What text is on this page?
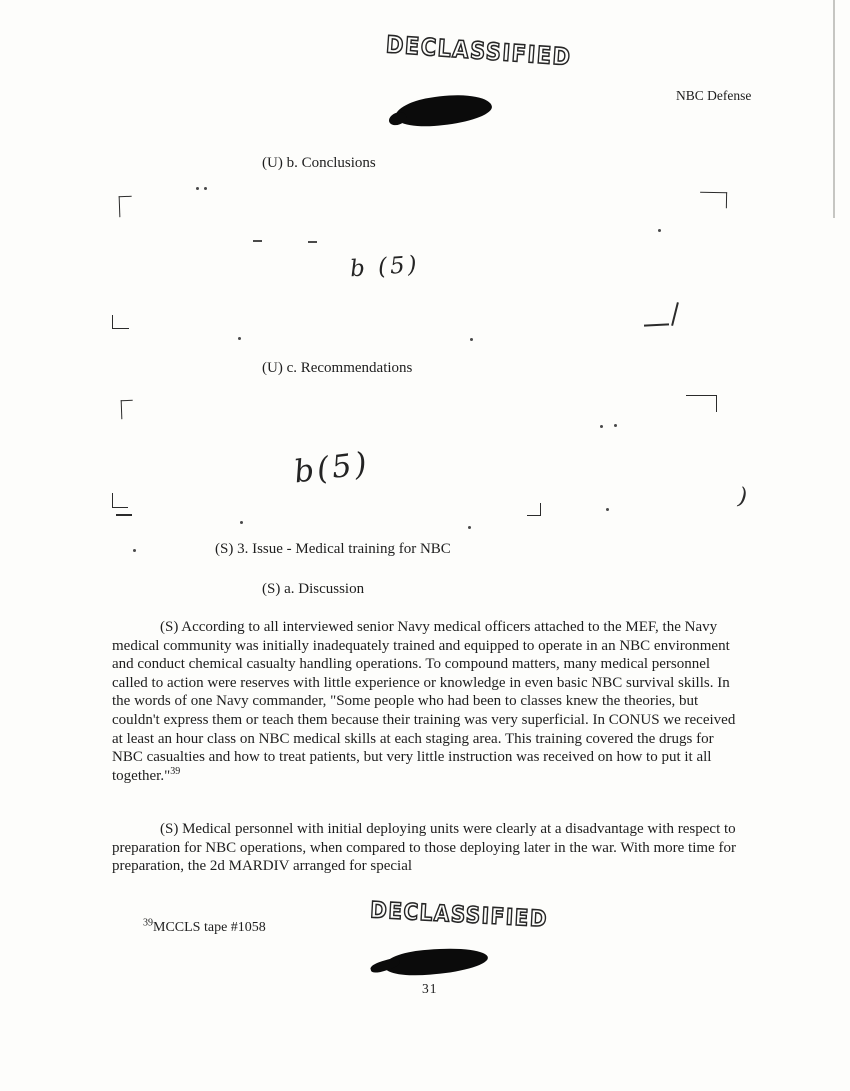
DECLASSIFIED
NBC Defense
(U) b. Conclusions
b (5)
(U) c. Recommendations
)
b(5)
(S) 3. Issue - Medical training for NBC
(S) a. Discussion

(S) According to all interviewed senior Navy medical officers attached to the MEF, the Navy medical community was initially inadequately trained and equipped to operate in an NBC environment and conduct chemical casualty handling operations. To compound matters, many medical personnel called to action were reserves with little experience or knowledge in even basic NBC survival skills. In the words of one Navy commander, "Some people who had been to classes knew the theories, but couldn't express them or teach them because their training was very superficial. In CONUS we received at least an hour class on NBC medical skills at each staging area. This training covered the drugs for NBC casualties and how to treat patients, but very little instruction was received on how to put it all together."$^{39}$

(S) Medical personnel with initial deploying units were clearly at a disadvantage with respect to preparation for NBC operations, when compared to those deploying later in the war. With more time for preparation, the 2d MARDIV arranged for special

DECLASSIFIED
$^{39}$MCCLS tape #1058
31
